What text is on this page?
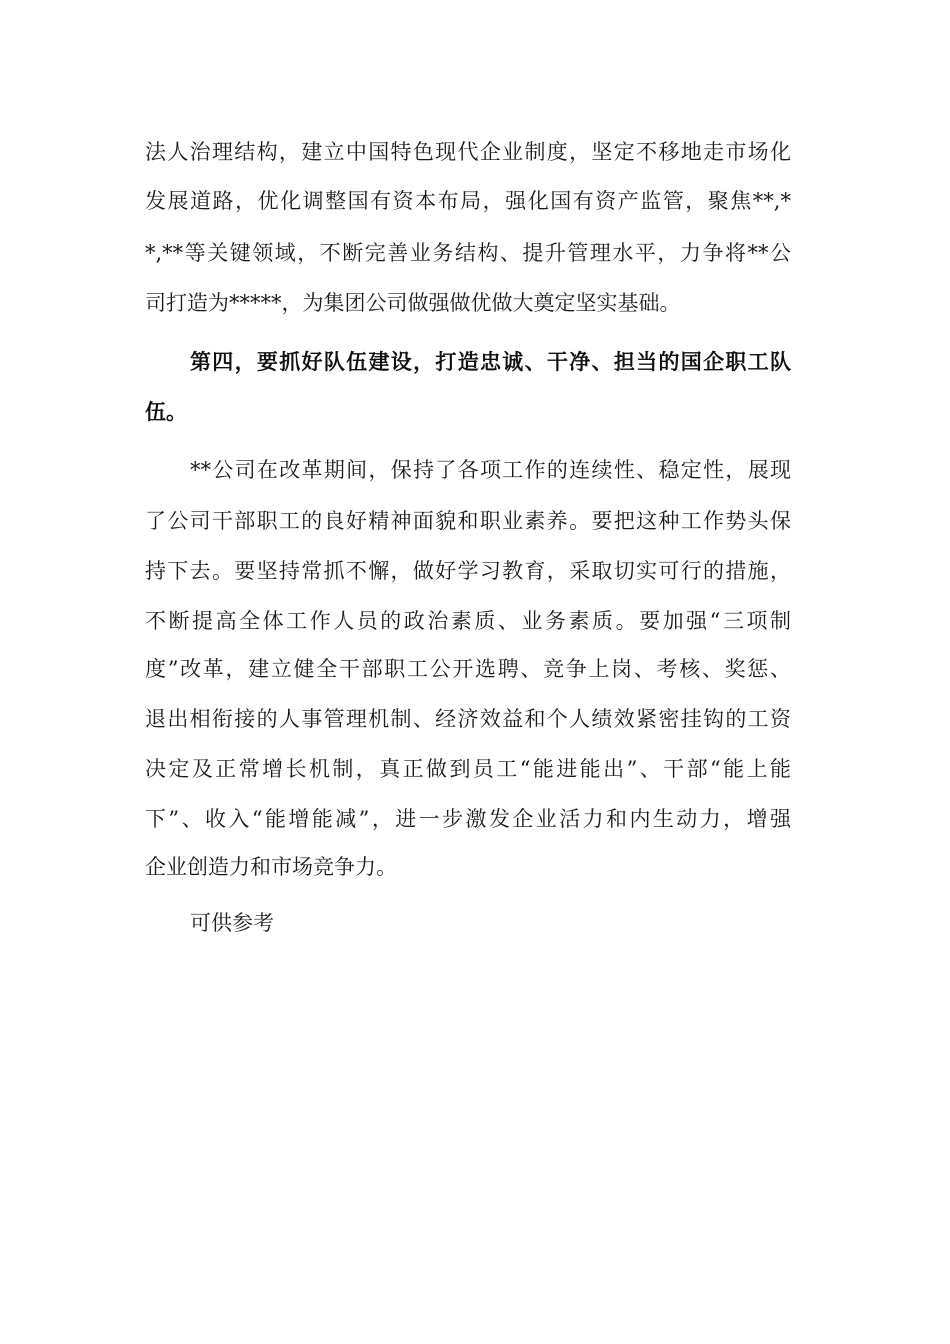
法人治理结构，建立中国特色现代企业制度，坚定不移地走市场化
发展道路，优化调整国有资本布局，强化国有资产监管，聚焦**,*
*,**等关键领域，不断完善业务结构、提升管理水平，力争将**公
司打造为*****，为集团公司做强做优做大奠定坚实基础。
第四，要抓好队伍建设，打造忠诚、干净、担当的国企职工队
伍。
**公司在改革期间，保持了各项工作的连续性、稳定性，展现
了公司干部职工的良好精神面貌和职业素养。要把这种工作势头保
持下去。要坚持常抓不懈，做好学习教育，采取切实可行的措施，
不断提高全体工作人员的政治素质、业务素质。要加强“三项制
度”改革，建立健全干部职工公开选聘、竞争上岗、考核、奖惩、
退出相衔接的人事管理机制、经济效益和个人绩效紧密挂钩的工资
决定及正常增长机制，真正做到员工“能进能出”、干部“能上能
下”、收入“能增能减”，进一步激发企业活力和内生动力，增强
企业创造力和市场竞争力。
可供参考
